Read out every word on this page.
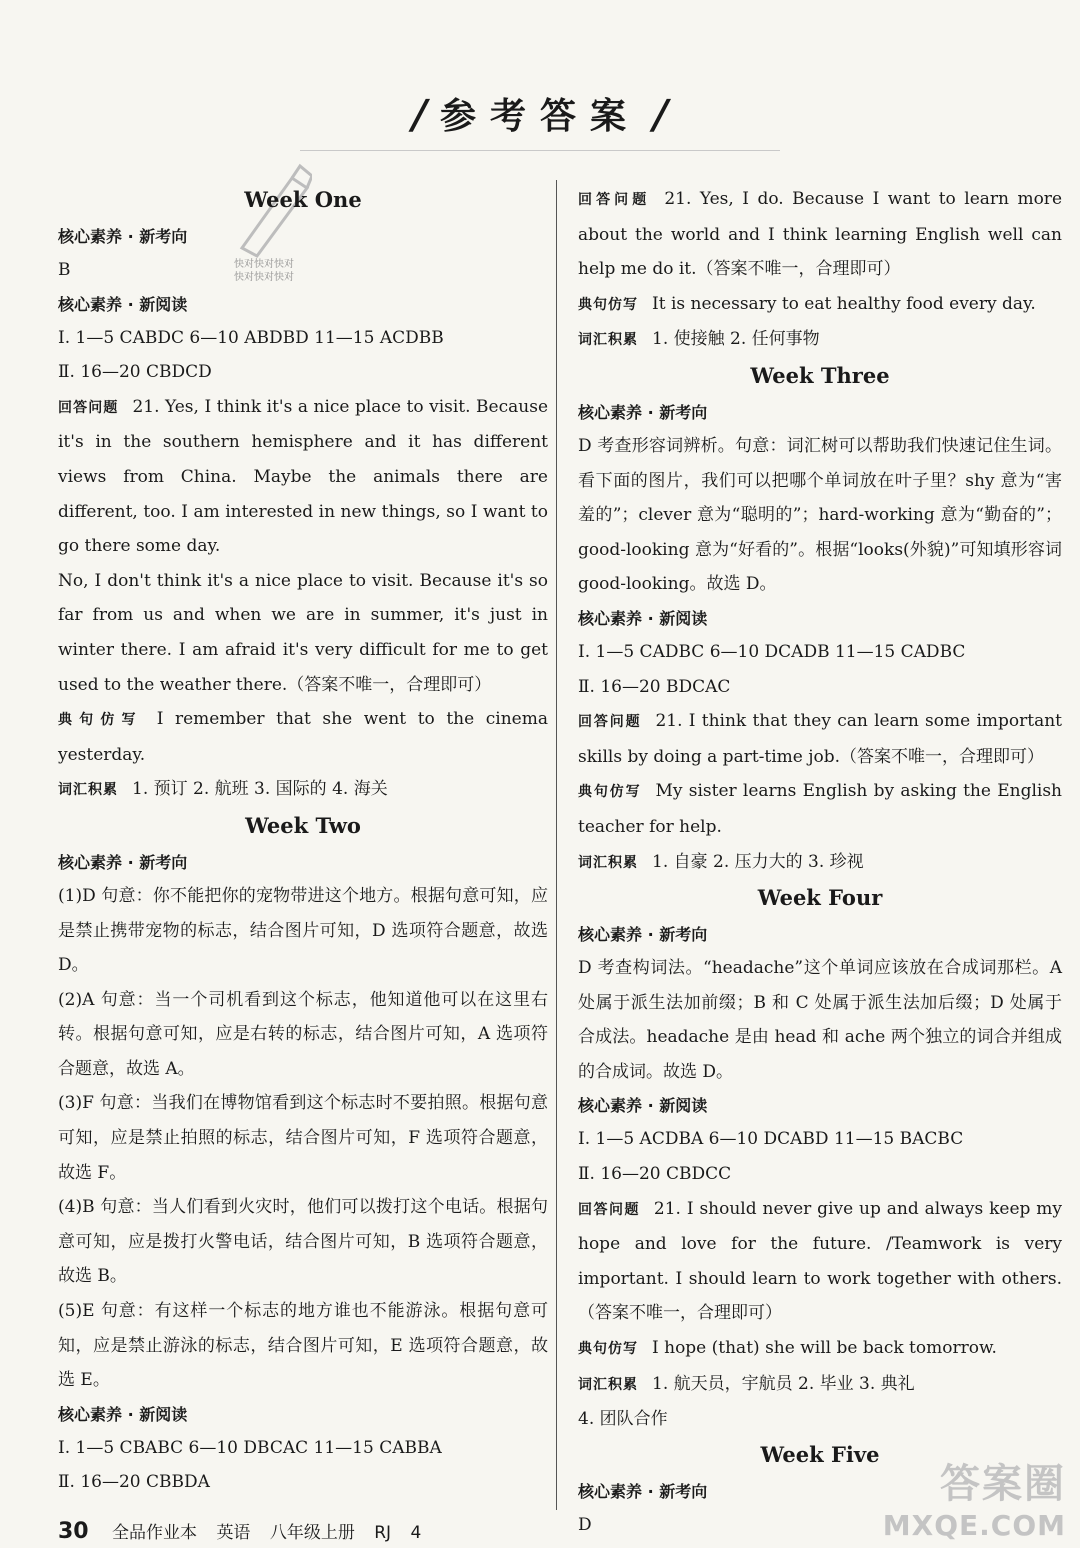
/ 参考答案 /
快对快对快对
快对快对快对
Week One
核心素养 · 新考向
B
核心素养 · 新阅读
Ⅰ. 1—5 CABDC 6—10 ABDBD 11—15 ACDBB
Ⅱ. 16—20 CBDCD
回答问题 21. Yes, I think it's a nice place to visit. Because it's in the southern hemisphere and it has different views from China. Maybe the animals there are different, too. I am interested in new things, so I want to go there some day.
No, I don't think it's a nice place to visit. Because it's so far from us and when we are in summer, it's just in winter there. I am afraid it's very difficult for me to get used to the weather there.（答案不唯一，合理即可）
典句仿写 I remember that she went to the cinema yesterday.
词汇积累 1. 预订 2. 航班 3. 国际的 4. 海关
Week Two
核心素养 · 新考向
(1)D 句意：你不能把你的宠物带进这个地方。根据句意可知，应是禁止携带宠物的标志，结合图片可知，D 选项符合题意，故选 D。
(2)A 句意：当一个司机看到这个标志，他知道他可以在这里右转。根据句意可知，应是右转的标志，结合图片可知，A 选项符合题意，故选 A。
(3)F 句意：当我们在博物馆看到这个标志时不要拍照。根据句意可知，应是禁止拍照的标志，结合图片可知，F 选项符合题意，故选 F。
(4)B 句意：当人们看到火灾时，他们可以拨打这个电话。根据句意可知，应是拨打火警电话，结合图片可知，B 选项符合题意，故选 B。
(5)E 句意：有这样一个标志的地方谁也不能游泳。根据句意可知，应是禁止游泳的标志，结合图片可知，E 选项符合题意，故选 E。
核心素养 · 新阅读
Ⅰ. 1—5 CBABC 6—10 DBCAC 11—15 CABBA
Ⅱ. 16—20 CBBDA
回答问题 21. Yes, I do. Because I want to learn more about the world and I think learning English well can help me do it.（答案不唯一，合理即可）
典句仿写 It is necessary to eat healthy food every day.
词汇积累 1. 使接触 2. 任何事物
Week Three
核心素养 · 新考向
D 考查形容词辨析。句意：词汇树可以帮助我们快速记住生词。看下面的图片，我们可以把哪个单词放在叶子里？shy 意为“害羞的”；clever 意为“聪明的”；hard-working 意为“勤奋的”；good-looking 意为“好看的”。根据“looks(外貌)”可知填形容词 good-looking。故选 D。
核心素养 · 新阅读
Ⅰ. 1—5 CADBC 6—10 DCADB 11—15 CADBC
Ⅱ. 16—20 BDCAC
回答问题 21. I think that they can learn some important skills by doing a part-time job.（答案不唯一，合理即可）
典句仿写 My sister learns English by asking the English teacher for help.
词汇积累 1. 自豪 2. 压力大的 3. 珍视
Week Four
核心素养 · 新考向
D 考查构词法。“headache”这个单词应该放在合成词那栏。A 处属于派生法加前缀；B 和 C 处属于派生法加后缀；D 处属于合成法。headache 是由 head 和 ache 两个独立的词合并组成的合成词。故选 D。
核心素养 · 新阅读
Ⅰ. 1—5 ACDBA 6—10 DCABD 11—15 BACBC
Ⅱ. 16—20 CBDCC
回答问题 21. I should never give up and always keep my hope and love for the future. /Teamwork is very important. I should learn to work together with others.（答案不唯一，合理即可）
典句仿写 I hope (that) she will be back tomorrow.
词汇积累 1. 航天员，宇航员 2. 毕业 3. 典礼
4. 团队合作
Week Five
核心素养 · 新考向
D
30 全品作业本 英语 八年级上册 RJ 4
答案圈
MXQE.COM
